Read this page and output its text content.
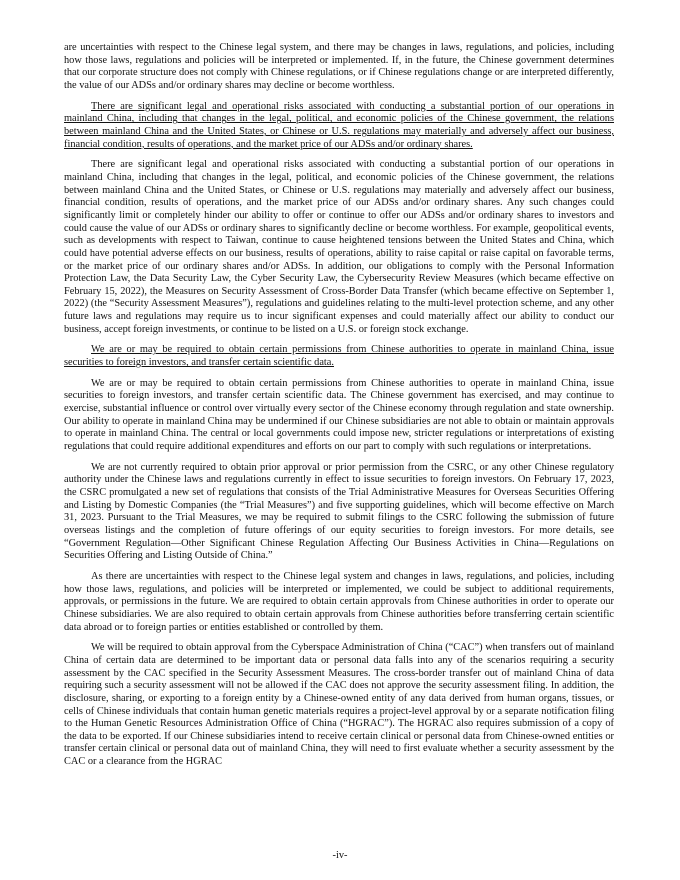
are uncertainties with respect to the Chinese legal system, and there may be changes in laws, regulations, and policies, including how those laws, regulations and policies will be interpreted or implemented. If, in the future, the Chinese government determines that our corporate structure does not comply with Chinese regulations, or if Chinese regulations change or are interpreted differently, the value of our ADSs and/or ordinary shares may decline or become worthless.

There are significant legal and operational risks associated with conducting a substantial portion of our operations in mainland China, including that changes in the legal, political, and economic policies of the Chinese government, the relations between mainland China and the United States, or Chinese or U.S. regulations may materially and adversely affect our business, financial condition, results of operations, and the market price of our ADSs and/or ordinary shares.

There are significant legal and operational risks associated with conducting a substantial portion of our operations in mainland China, including that changes in the legal, political, and economic policies of the Chinese government, the relations between mainland China and the United States, or Chinese or U.S. regulations may materially and adversely affect our business, financial condition, results of operations, and the market price of our ADSs and/or ordinary shares. Any such changes could significantly limit or completely hinder our ability to offer or continue to offer our ADSs and/or ordinary shares to investors and could cause the value of our ADSs or ordinary shares to significantly decline or become worthless. For example, geopolitical events, such as developments with respect to Taiwan, continue to cause heightened tensions between the United States and China, which could have potential adverse effects on our business, results of operations, ability to raise capital or raise capital on favorable terms, or the market price of our ordinary shares and/or ADSs. In addition, our obligations to comply with the Personal Information Protection Law, the Data Security Law, the Cyber Security Law, the Cybersecurity Review Measures (which became effective on February 15, 2022), the Measures on Security Assessment of Cross-Border Data Transfer (which became effective on September 1, 2022) (the “Security Assessment Measures”), regulations and guidelines relating to the multi-level protection scheme, and any other future laws and regulations may require us to incur significant expenses and could materially affect our ability to conduct our business, accept foreign investments, or continue to be listed on a U.S. or foreign stock exchange.

We are or may be required to obtain certain permissions from Chinese authorities to operate in mainland China, issue securities to foreign investors, and transfer certain scientific data.

We are or may be required to obtain certain permissions from Chinese authorities to operate in mainland China, issue securities to foreign investors, and transfer certain scientific data. The Chinese government has exercised, and may continue to exercise, substantial influence or control over virtually every sector of the Chinese economy through regulation and state ownership. Our ability to operate in mainland China may be undermined if our Chinese subsidiaries are not able to obtain or maintain approvals to operate in mainland China. The central or local governments could impose new, stricter regulations or interpretations of existing regulations that could require additional expenditures and efforts on our part to comply with such regulations or interpretations.

We are not currently required to obtain prior approval or prior permission from the CSRC, or any other Chinese regulatory authority under the Chinese laws and regulations currently in effect to issue securities to foreign investors. On February 17, 2023, the CSRC promulgated a new set of regulations that consists of the Trial Administrative Measures for Overseas Securities Offering and Listing by Domestic Companies (the “Trial Measures”) and five supporting guidelines, which will become effective on March 31, 2023. Pursuant to the Trial Measures, we may be required to submit filings to the CSRC following the submission of future overseas listings and the completion of future offerings of our equity securities to foreign investors. For more details, see “Government Regulation—Other Significant Chinese Regulation Affecting Our Business Activities in China—Regulations on Securities Offering and Listing Outside of China.”

As there are uncertainties with respect to the Chinese legal system and changes in laws, regulations, and policies, including how those laws, regulations, and policies will be interpreted or implemented, we could be subject to additional requirements, approvals, or permissions in the future. We are required to obtain certain approvals from Chinese authorities in order to operate our Chinese subsidiaries. We are also required to obtain certain approvals from Chinese authorities before transferring certain scientific data abroad or to foreign parties or entities established or controlled by them.

We will be required to obtain approval from the Cyberspace Administration of China (“CAC”) when transfers out of mainland China of certain data are determined to be important data or personal data falls into any of the scenarios requiring a security assessment by the CAC specified in the Security Assessment Measures. The cross-border transfer out of mainland China of data requiring such a security assessment will not be allowed if the CAC does not approve the security assessment filing. In addition, the disclosure, sharing, or exporting to a foreign entity by a Chinese-owned entity of any data derived from human organs, tissues, or cells of Chinese individuals that contain human genetic materials requires a project-level approval by or a separate notification filing to the Human Genetic Resources Administration Office of China (“HGRAC”). The HGRAC also requires submission of a copy of the data to be exported. If our Chinese subsidiaries intend to receive certain clinical or personal data from Chinese-owned entities or transfer certain clinical or personal data out of mainland China, they will need to first evaluate whether a security assessment by the CAC or a clearance from the HGRAC

-iv-
